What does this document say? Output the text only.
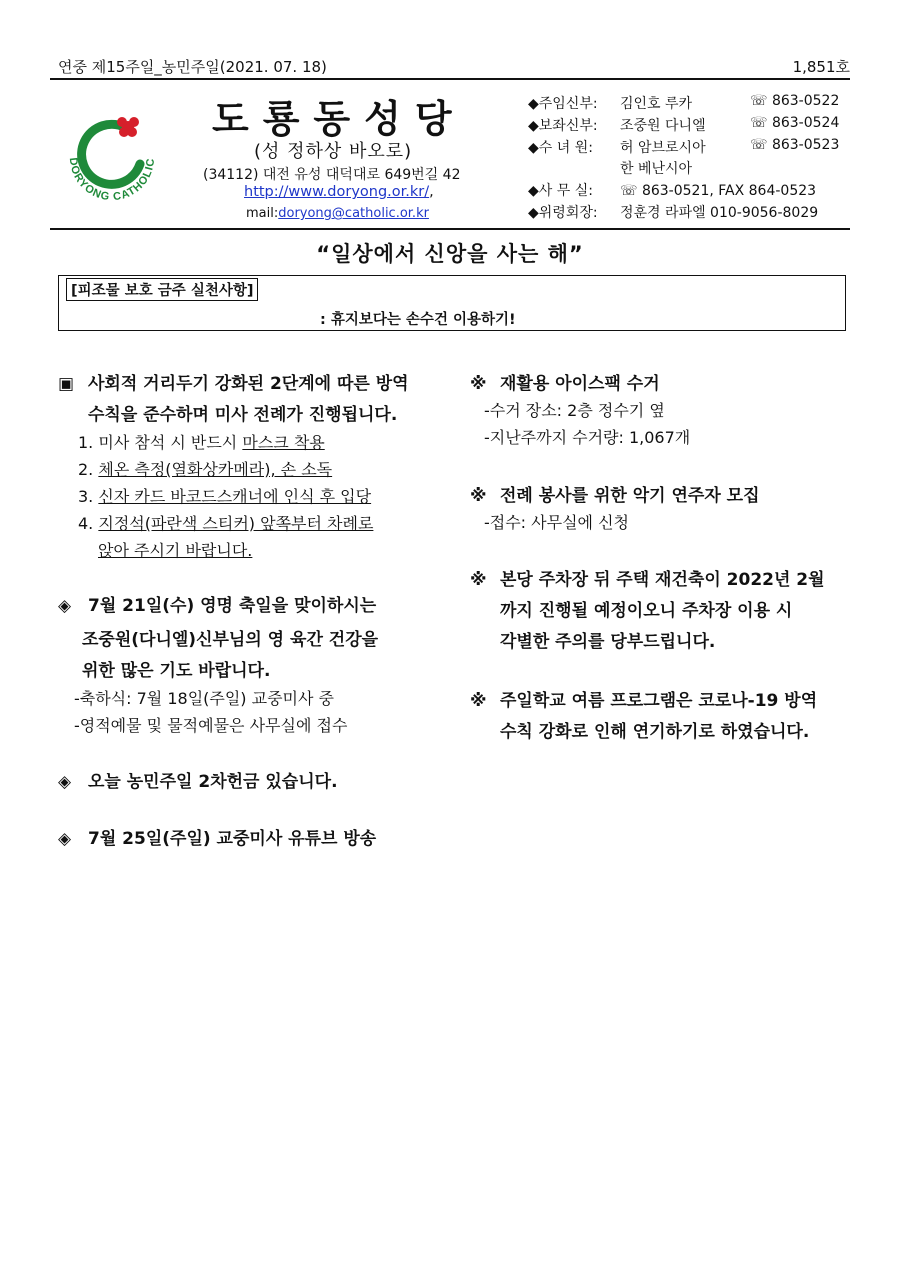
연중 제15주일_농민주일(2021. 07. 18)	1,851호
DORYONG CATHOLIC
도룡동성당
(성 정하상 바오로)
(34112) 대전 유성 대덕대로 649번길 42
http://www.doryong.or.kr/,
mail:doryong@catholic.or.kr
◆주임신부: 김인호 루카	☏ 863-0522
◆보좌신부: 조중원 다니엘	☏ 863-0524
◆수 녀 원: 허 암브로시아	☏ 863-0523
한 베난시아
◆사 무 실: ☏ 863-0521, FAX 864-0523
◆위령회장: 정훈경 라파엘 010-9056-8029
“일상에서 신앙을 사는 해”
[피조물 보호 금주 실천사항]
: 휴지보다는 손수건 이용하기!
▣ 사회적 거리두기 강화된 2단계에 따른 방역
수칙을 준수하며 미사 전례가 진행됩니다.
1. 미사 참석 시 반드시 마스크 착용
2. 체온 측정(열화상카메라), 손 소독
3. 신자 카드 바코드스캐너에 인식 후 입당
4. 지정석(파란색 스티커) 앞쪽부터 차례로
앉아 주시기 바랍니다.
◈ 7월 21일(수) 영명 축일을 맞이하시는
조중원(다니엘)신부님의 영 육간 건강을
위한 많은 기도 바랍니다.
-축하식: 7월 18일(주일) 교중미사 중
-영적예물 및 물적예물은 사무실에 접수
◈ 오늘 농민주일 2차헌금 있습니다.
◈ 7월 25일(주일) 교중미사 유튜브 방송
※ 재활용 아이스팩 수거
-수거 장소: 2층 정수기 옆
-지난주까지 수거량: 1,067개
※ 전례 봉사를 위한 악기 연주자 모집
-접수: 사무실에 신청
※ 본당 주차장 뒤 주택 재건축이 2022년 2월
까지 진행될 예정이오니 주차장 이용 시
각별한 주의를 당부드립니다.
※ 주일학교 여름 프로그램은 코로나-19 방역
수칙 강화로 인해 연기하기로 하였습니다.
